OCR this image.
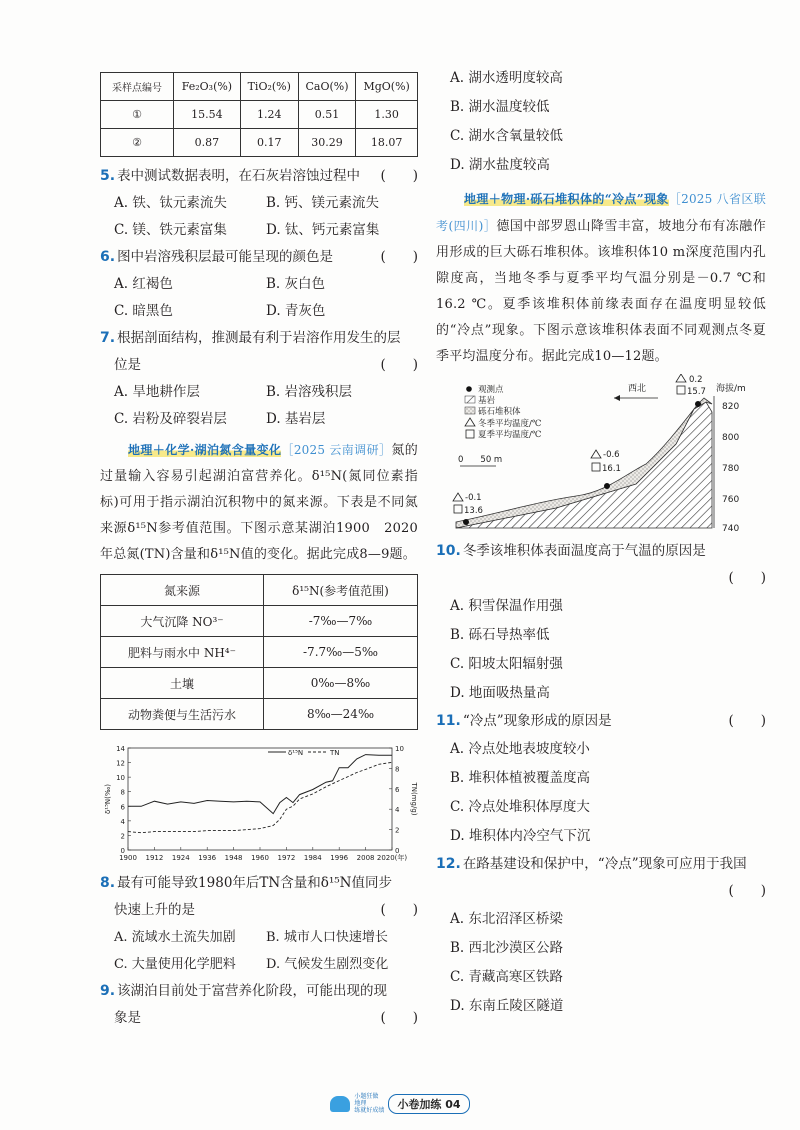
采样点编号	Fe₂O₃(%)	TiO₂(%)	CaO(%)	MgO(%)
①	15.54	1.24	0.51	1.30
②	0.87	0.17	30.29	18.07

5. 表中测试数据表明，在石灰岩溶蚀过程中 (　　)

A. 铁、钛元素流失	B. 钙、镁元素流失
C. 镁、铁元素富集	D. 钛、钙元素富集

6. 图中岩溶残积层最可能呈现的颜色是	(　　)

A. 红褐色	B. 灰白色
C. 暗黑色	D. 青灰色

7. 根据剖面结构，推测最有利于岩溶作用发生的层

位是	(　　)

A. 旱地耕作层	B. 岩溶残积层
C. 岩粉及碎裂岩层	D. 基岩层

地理＋化学·湖泊氮含量变化［2025 云南调研］氮的过量输入容易引起湖泊富营养化。δ¹⁵N(氮同位素指标)可用于指示湖泊沉积物中的氮来源。下表是不同氮来源δ¹⁵N参考值范围。下图示意某湖泊1900　2020年总氮(TN)含量和δ¹⁵N值的变化。据此完成8—9题。

氮来源	δ¹⁵N(参考值范围)
大气沉降 NO³⁻	-7‰—7‰
肥料与雨水中 NH⁴⁻	-7.7‰—5‰
土壤	0‰—8‰
动物粪便与生活污水	8‰—24‰
0
2
4
6
8
10
12
14
0
2
4
6
8
10
1900 1912 1924 1936 1948 1960 1972 1984 1996 2008 2020(年)
δ¹⁵N(‰)	TN(mg/g)
δ¹⁵N	TN

8. 最有可能导致1980年后TN含量和δ¹⁵N值同步

快速上升的是	(　　)

A. 流域水土流失加剧	B. 城市人口快速增长
C. 大量使用化学肥料	D. 气候发生剧烈变化

9. 该湖泊目前处于富营养化阶段，可能出现的现

象是	(　　)

A. 湖水透明度较高
B. 湖水温度较低
C. 湖水含氧量较低
D. 湖水盐度较高

地理＋物理·砾石堆积体的“冷点”现象［2025 八省区联考(四川)］德国中部罗恩山降雪丰富，坡地分布有冻融作用形成的巨大砾石堆积体。该堆积体10 m深度范围内孔隙度高，当地冬季与夏季平均气温分别是－0.7 ℃和16.2 ℃。夏季该堆积体前缘表面存在温度明显较低的“冷点”现象。下图示意该堆积体表面不同观测点冬夏季平均温度分布。据此完成10—12题。

海拔/m
820
800
780
760
740
观测点
基岩
砾石堆积体
冬季平均温度/℃
夏季平均温度/℃
西北
0　　50 m
-0.1
13.6
-0.6
16.1
0.2
15.7

10. 冬季该堆积体表面温度高于气温的原因是

(　　)

A. 积雪保温作用强
B. 砾石导热率低
C. 阳坡太阳辐射强
D. 地面吸热量高

11. “冷点”现象形成的原因是	(　　)

A. 冷点处地表坡度较小
B. 堆积体植被覆盖度高
C. 冷点处堆积体厚度大
D. 堆积体内冷空气下沉

12. 在路基建设和保护中，“冷点”现象可应用于我国

(　　)

A. 东北沼泽区桥梁
B. 西北沙漠区公路
C. 青藏高寒区铁路
D. 东南丘陵区隧道
小题狂做
地理
练就好成绩 小卷加练 04
